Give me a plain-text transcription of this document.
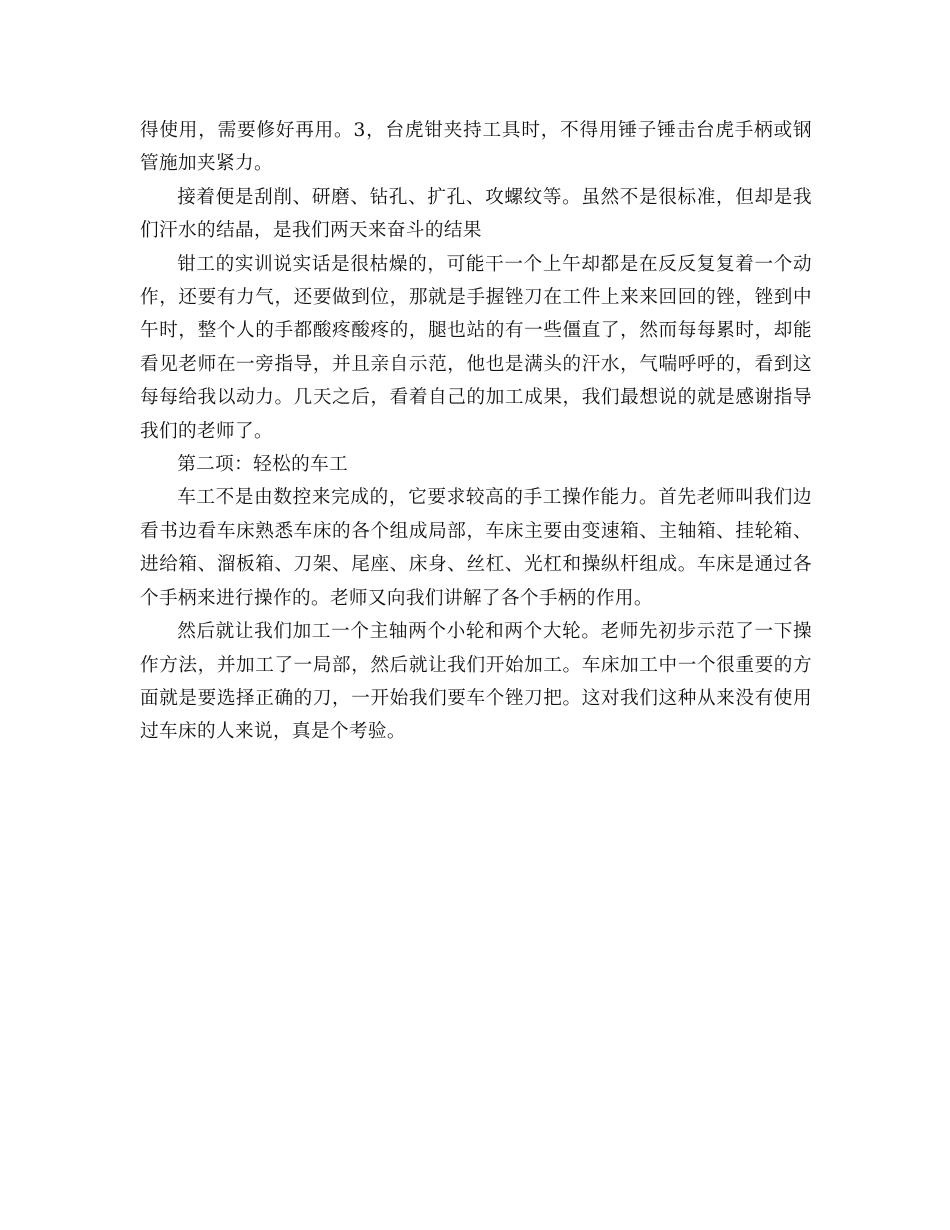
得使用，需要修好再用。3，台虎钳夹持工具时，不得用锤子锤击台虎手柄或钢管施加夹紧力。

接着便是刮削、研磨、钻孔、扩孔、攻螺纹等。虽然不是很标准，但却是我们汗水的结晶，是我们两天来奋斗的结果

钳工的实训说实话是很枯燥的，可能干一个上午却都是在反反复复着一个动作，还要有力气，还要做到位，那就是手握锉刀在工件上来来回回的锉，锉到中午时，整个人的手都酸疼酸疼的，腿也站的有一些僵直了，然而每每累时，却能看见老师在一旁指导，并且亲自示范，他也是满头的汗水，气喘呼呼的，看到这每每给我以动力。几天之后，看着自己的加工成果，我们最想说的就是感谢指导我们的老师了。

第二项：轻松的车工

车工不是由数控来完成的，它要求较高的手工操作能力。首先老师叫我们边看书边看车床熟悉车床的各个组成局部，车床主要由变速箱、主轴箱、挂轮箱、进给箱、溜板箱、刀架、尾座、床身、丝杠、光杠和操纵杆组成。车床是通过各个手柄来进行操作的。老师又向我们讲解了各个手柄的作用。

然后就让我们加工一个主轴两个小轮和两个大轮。老师先初步示范了一下操作方法，并加工了一局部，然后就让我们开始加工。车床加工中一个很重要的方面就是要选择正确的刀，一开始我们要车个锉刀把。这对我们这种从来没有使用过车床的人来说，真是个考验。
